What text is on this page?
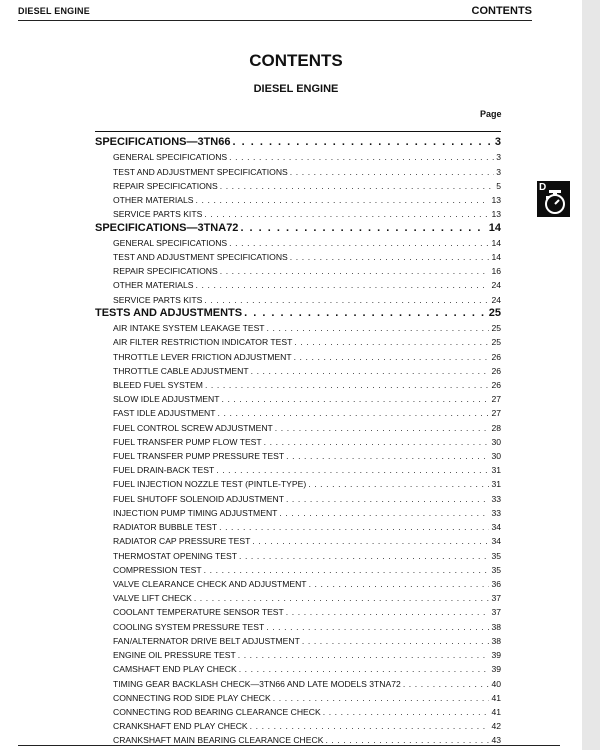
DIESEL ENGINE	CONTENTS
CONTENTS
DIESEL ENGINE
Page
SPECIFICATIONS—3TN66 . . .	3
GENERAL SPECIFICATIONS . . .	3
TEST AND ADJUSTMENT SPECIFICATIONS . . .	3
REPAIR SPECIFICATIONS . . .	5
OTHER MATERIALS . . .	13
SERVICE PARTS KITS . . .	13
SPECIFICATIONS—3TNA72 . . .	14
GENERAL SPECIFICATIONS . . .	14
TEST AND ADJUSTMENT SPECIFICATIONS . . .	14
REPAIR SPECIFICATIONS . . .	16
OTHER MATERIALS . . .	24
SERVICE PARTS KITS . . .	24
TESTS AND ADJUSTMENTS . . .	25
AIR INTAKE SYSTEM LEAKAGE TEST . . .	25
AIR FILTER RESTRICTION INDICATOR TEST . . .	25
THROTTLE LEVER FRICTION ADJUSTMENT . . .	26
THROTTLE CABLE ADJUSTMENT . . .	26
BLEED FUEL SYSTEM . . .	26
SLOW IDLE ADJUSTMENT . . .	27
FAST IDLE ADJUSTMENT . . .	27
FUEL CONTROL SCREW ADJUSTMENT . . .	28
FUEL TRANSFER PUMP FLOW TEST . . .	30
FUEL TRANSFER PUMP PRESSURE TEST . . .	30
FUEL DRAIN-BACK TEST . . .	31
FUEL INJECTION NOZZLE TEST (PINTLE-TYPE) . . .	31
FUEL SHUTOFF SOLENOID ADJUSTMENT . . .	33
INJECTION PUMP TIMING ADJUSTMENT . . .	33
RADIATOR BUBBLE TEST . . .	34
RADIATOR CAP PRESSURE TEST . . .	34
THERMOSTAT OPENING TEST . . .	35
COMPRESSION TEST . . .	35
VALVE CLEARANCE CHECK AND ADJUSTMENT . . .	36
VALVE LIFT CHECK . . .	37
COOLANT TEMPERATURE SENSOR TEST . . .	37
COOLING SYSTEM PRESSURE TEST . . .	38
FAN/ALTERNATOR DRIVE BELT ADJUSTMENT . . .	38
ENGINE OIL PRESSURE TEST . . .	39
CAMSHAFT END PLAY CHECK . . .	39
TIMING GEAR BACKLASH CHECK—3TN66 AND LATE MODELS 3TNA72 . . .	40
CONNECTING ROD SIDE PLAY CHECK . . .	41
CONNECTING ROD BEARING CLEARANCE CHECK . . .	41
CRANKSHAFT END PLAY CHECK . . .	42
CRANKSHAFT MAIN BEARING CLEARANCE CHECK . . .	43
D
